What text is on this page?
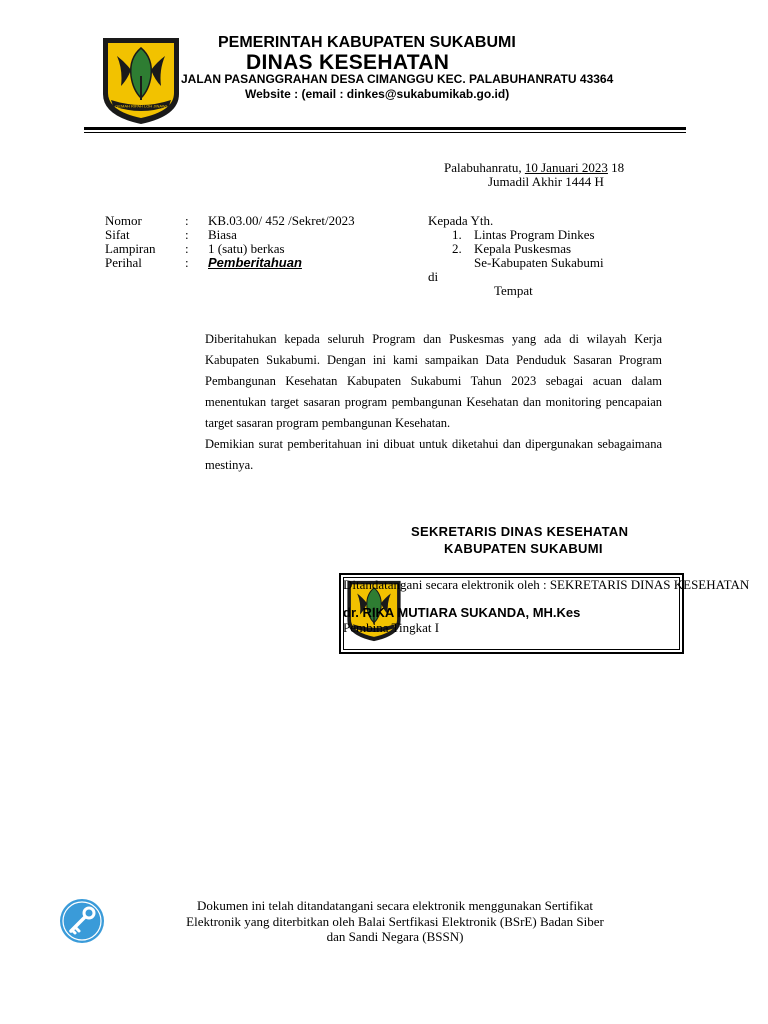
GEMAH RIPAH LOH JINAWI
PEMERINTAH KABUPATEN SUKABUMI
DINAS KESEHATAN
JALAN PASANGGRAHAN DESA CIMANGGU KEC. PALABUHANRATU 43364
Website : (email : dinkes@sukabumikab.go.id)
Palabuhanratu, 10 Januari 2023 18
Jumadil Akhir 1444 H
Nomor	: KB.03.00/ 452 /Sekret/2023
Sifat	: Biasa
Lampiran	: 1 (satu) berkas
Perihal	: Pemberitahuan
Kepada Yth.
1. Lintas Program Dinkes
2. Kepala Puskesmas
Se-Kabupaten Sukabumi
di
Tempat

Diberitahukan kepada seluruh Program dan Puskesmas yang ada di wilayah Kerja Kabupaten Sukabumi. Dengan ini kami sampaikan Data Penduduk Sasaran Program Pembangunan Kesehatan Kabupaten Sukabumi Tahun 2023 sebagai acuan dalam menentukan target sasaran program pembangunan Kesehatan dan monitoring pencapaian target sasaran program pembangunan Kesehatan.

Demikian surat pemberitahuan ini dibuat untuk diketahui dan dipergunakan sebagaimana mestinya.

SEKRETARIS DINAS KESEHATAN
KABUPATEN SUKABUMI
Ditandatangani secara elektronik oleh : SEKRETARIS DINAS KESEHATAN
dr. RIKA MUTIARA SUKANDA, MH.Kes
Pembina Tingkat I
Dokumen ini telah ditandatangani secara elektronik menggunakan Sertifikat
Elektronik yang diterbitkan oleh Balai Sertfikasi Elektronik (BSrE) Badan Siber
dan Sandi Negara (BSSN)
